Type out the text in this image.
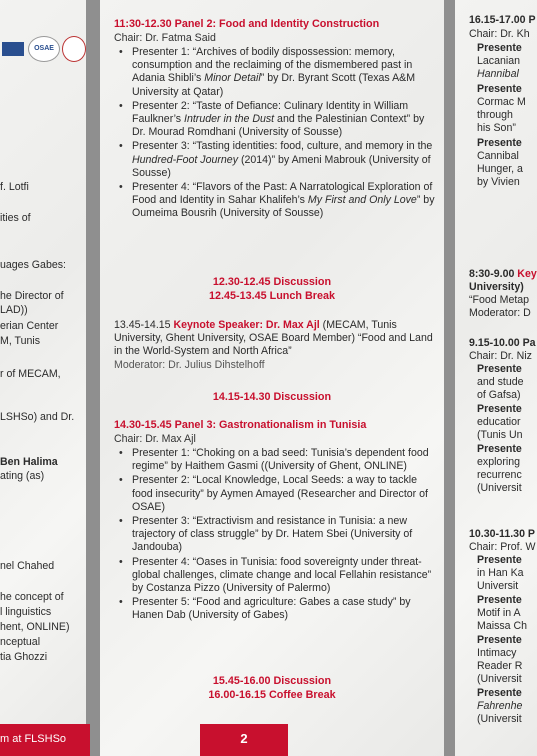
OSAE
f. Lotfi
ities of
uages Gabes:
he Director of
LAD))
erian Center
M, Tunis
r of MECAM,
LSHSo) and Dr.
Ben Halima
ating (as)
nel Chahed
he concept of
l linguistics
hent, ONLINE)
nceptual
tia Ghozzi
11:30-12.30 Panel 2: Food and Identity Construction
Chair: Dr. Fatma Said
• Presenter 1: “Archives of bodily dispossession: memory, consumption and the reclaiming of the dismembered past in Adania Shibli’s Minor Detail” by Dr. Byrant Scott (Texas A&M University at Qatar)
• Presenter 2: “Taste of Defiance: Culinary Identity in William Faulkner’s Intruder in the Dust and the Palestinian Context” by Dr. Mourad Romdhani (University of Sousse)
• Presenter 3: “Tasting identities: food, culture, and memory in the Hundred-Foot Journey (2014)” by Ameni Mabrouk (University of Sousse)
• Presenter 4: “Flavors of the Past: A Narratological Exploration of Food and Identity in Sahar Khalifeh’s My First and Only Love” by Oumeima Bousrih (University of Sousse)
12.30-12.45 Discussion
12.45-13.45 Lunch Break
13.45-14.15 Keynote Speaker: Dr. Max Ajl (MECAM, Tunis University, Ghent University, OSAE Board Member) “Food and Land in the World-System and North Africa”
Moderator: Dr. Julius Dihstelhoff
14.15-14.30 Discussion
14.30-15.45 Panel 3: Gastronationalism in Tunisia
Chair: Dr. Max Ajl
• Presenter 1: “Choking on a bad seed: Tunisia’s dependent food regime” by Haithem Gasmi ((University of Ghent, ONLINE)
• Presenter 2: “Local Knowledge, Local Seeds: a way to tackle food insecurity” by Aymen Amayed (Researcher and Director of OSAE)
• Presenter 3: “Extractivism and resistance in Tunisia: a new trajectory of class struggle” by Dr. Hatem Sbei (University of Jandouba)
• Presenter 4: “Oases in Tunisia: food sovereignty under threat-global challenges, climate change and local Fellahin resistance” by Costanza Pizzo (University of Palermo)
• Presenter 5: “Food and agriculture: Gabes a case study” by Hanen Dab (University of Gabes)
15.45-16.00 Discussion
16.00-16.15 Coffee Break
16.15-17.00 P
Chair: Dr. Kh
Presente
Lacanian
Hannibal
Presente
Cormac M
through
his Son”
Presente
Cannibal
Hunger, a
by Vivien
8:30-9.00 Key
University)
“Food Metap
Moderator: D
9.15-10.00 Pa
Chair: Dr. Niz
Presente
and stude
of Gafsa)
Presente
educatior
(Tunis Un
Presente
exploring
recurrenc
(Universit
10.30-11.30 P
Chair: Prof. W
Presente
in Han Ka
Universit
Presente
Motif in A
Maissa Ch
Presente
Intimacy
Reader R
(Universit
Presente
Fahrenhe
(Universit
m at FLSHSo	2
